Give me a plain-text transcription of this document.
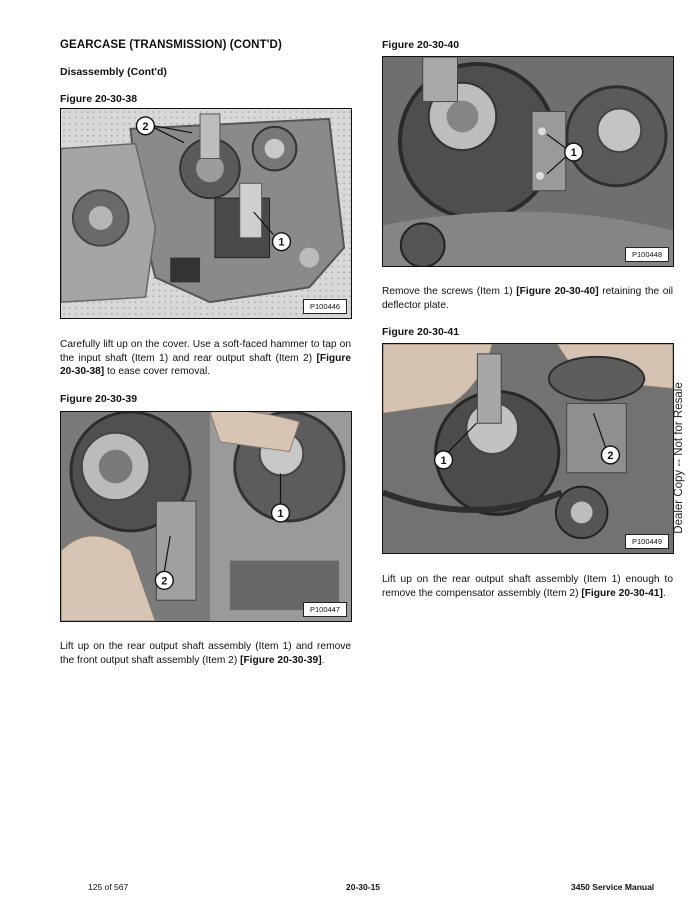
GEARCASE (TRANSMISSION) (CONT'D)
Disassembly (Cont'd)
Figure 20-30-38
2
1
P100446
Carefully lift up on the cover. Use a soft-faced hammer to tap on the input shaft (Item 1) and rear output shaft (Item 2) [Figure 20-30-38] to ease cover removal.
Figure 20-30-39
1
2
P100447
Lift up on the rear output shaft assembly (Item 1) and remove the front output shaft assembly (Item 2) [Figure 20-30-39].
Figure 20-30-40
1
P100448
Remove the screws (Item 1) [Figure 20-30-40] retaining the oil deflector plate.
Figure 20-30-41
1	2
P100449
Lift up on the rear output shaft assembly (Item 1) enough to remove the compensator assembly (Item 2) [Figure 20-30-41].
Dealer Copy -- Not for Resale
125 of 567	20-30-15	3450 Service Manual
